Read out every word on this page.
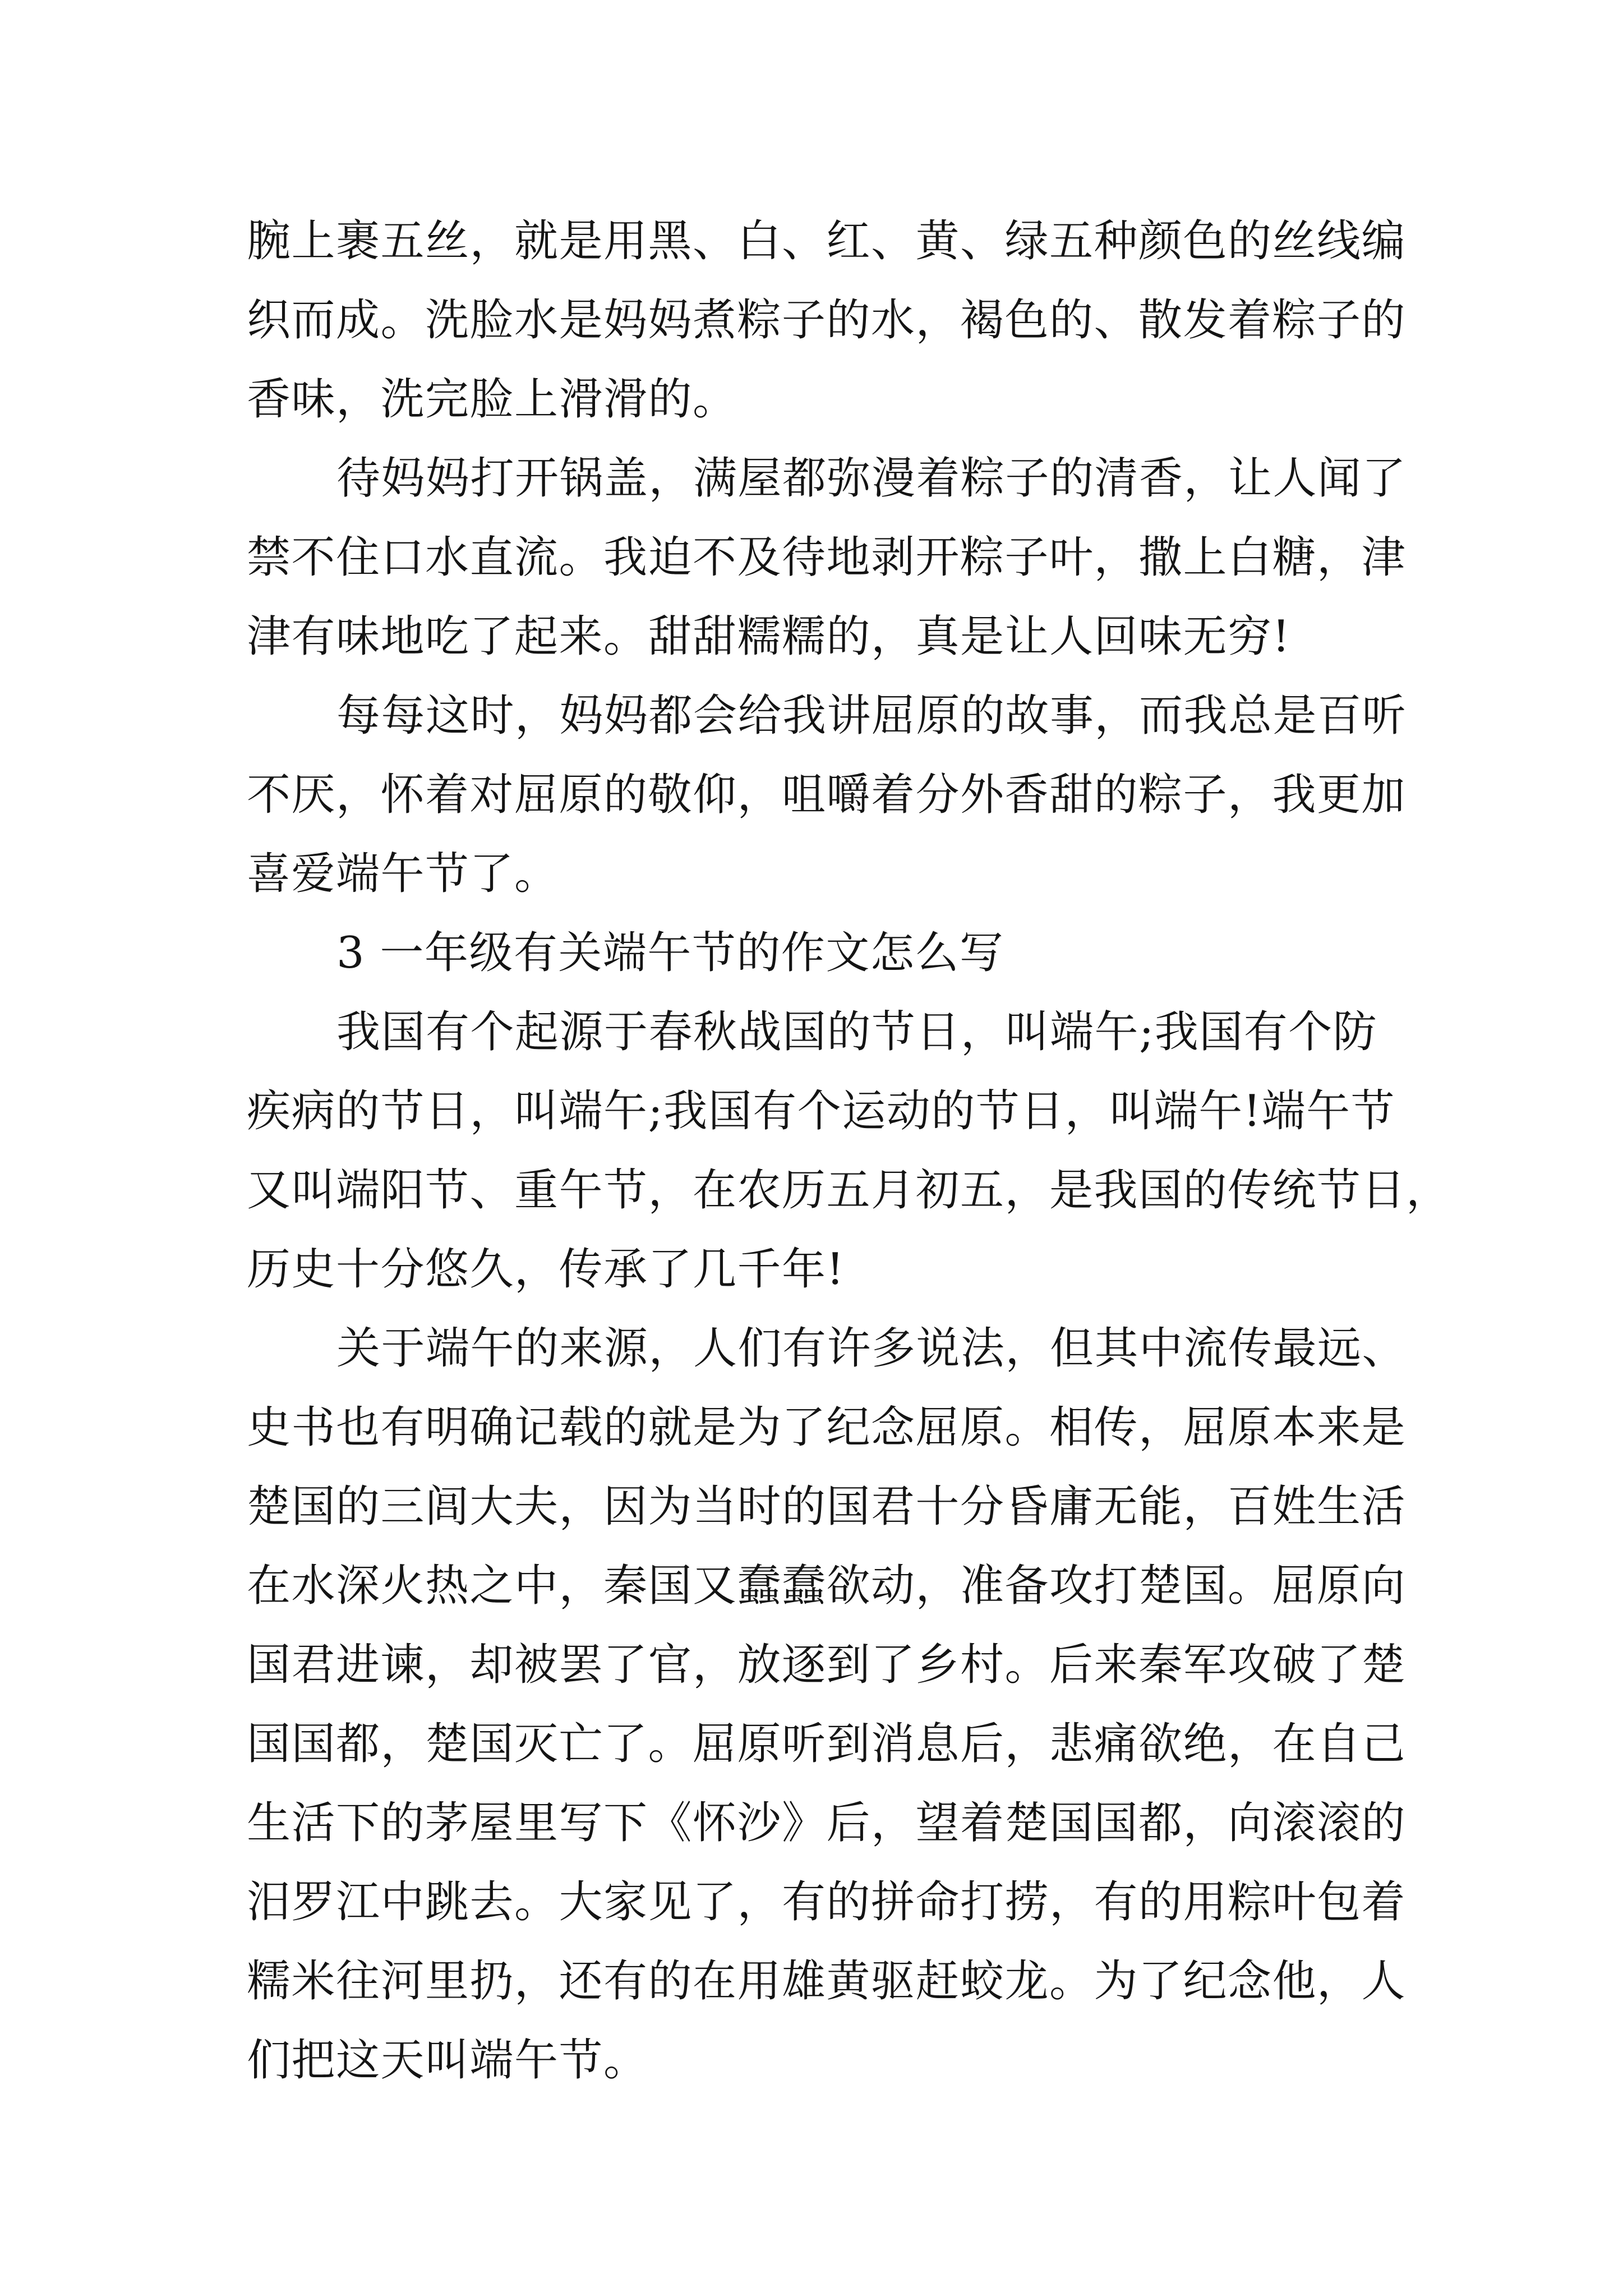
腕上裹五丝，就是用黑、白、红、黄、绿五种颜色的丝线编
织而成。洗脸水是妈妈煮粽子的水，褐色的、散发着粽子的
香味，洗完脸上滑滑的。
待妈妈打开锅盖，满屋都弥漫着粽子的清香，让人闻了
禁不住口水直流。我迫不及待地剥开粽子叶，撒上白糖，津
津有味地吃了起来。甜甜糯糯的，真是让人回味无穷!
每每这时，妈妈都会给我讲屈原的故事，而我总是百听
不厌，怀着对屈原的敬仰，咀嚼着分外香甜的粽子，我更加
喜爱端午节了。
3 一年级有关端午节的作文怎么写
我国有个起源于春秋战国的节日，叫端午;我国有个防
疾病的节日，叫端午;我国有个运动的节日，叫端午!端午节
又叫端阳节、重午节，在农历五月初五，是我国的传统节日，
历史十分悠久，传承了几千年!
关于端午的来源，人们有许多说法，但其中流传最远、
史书也有明确记载的就是为了纪念屈原。相传，屈原本来是
楚国的三闾大夫，因为当时的国君十分昏庸无能，百姓生活
在水深火热之中，秦国又蠢蠢欲动，准备攻打楚国。屈原向
国君进谏，却被罢了官，放逐到了乡村。后来秦军攻破了楚
国国都，楚国灭亡了。屈原听到消息后，悲痛欲绝，在自己
生活下的茅屋里写下《怀沙》后，望着楚国国都，向滚滚的
汨罗江中跳去。大家见了，有的拼命打捞，有的用粽叶包着
糯米往河里扔，还有的在用雄黄驱赶蛟龙。为了纪念他，人
们把这天叫端午节。
